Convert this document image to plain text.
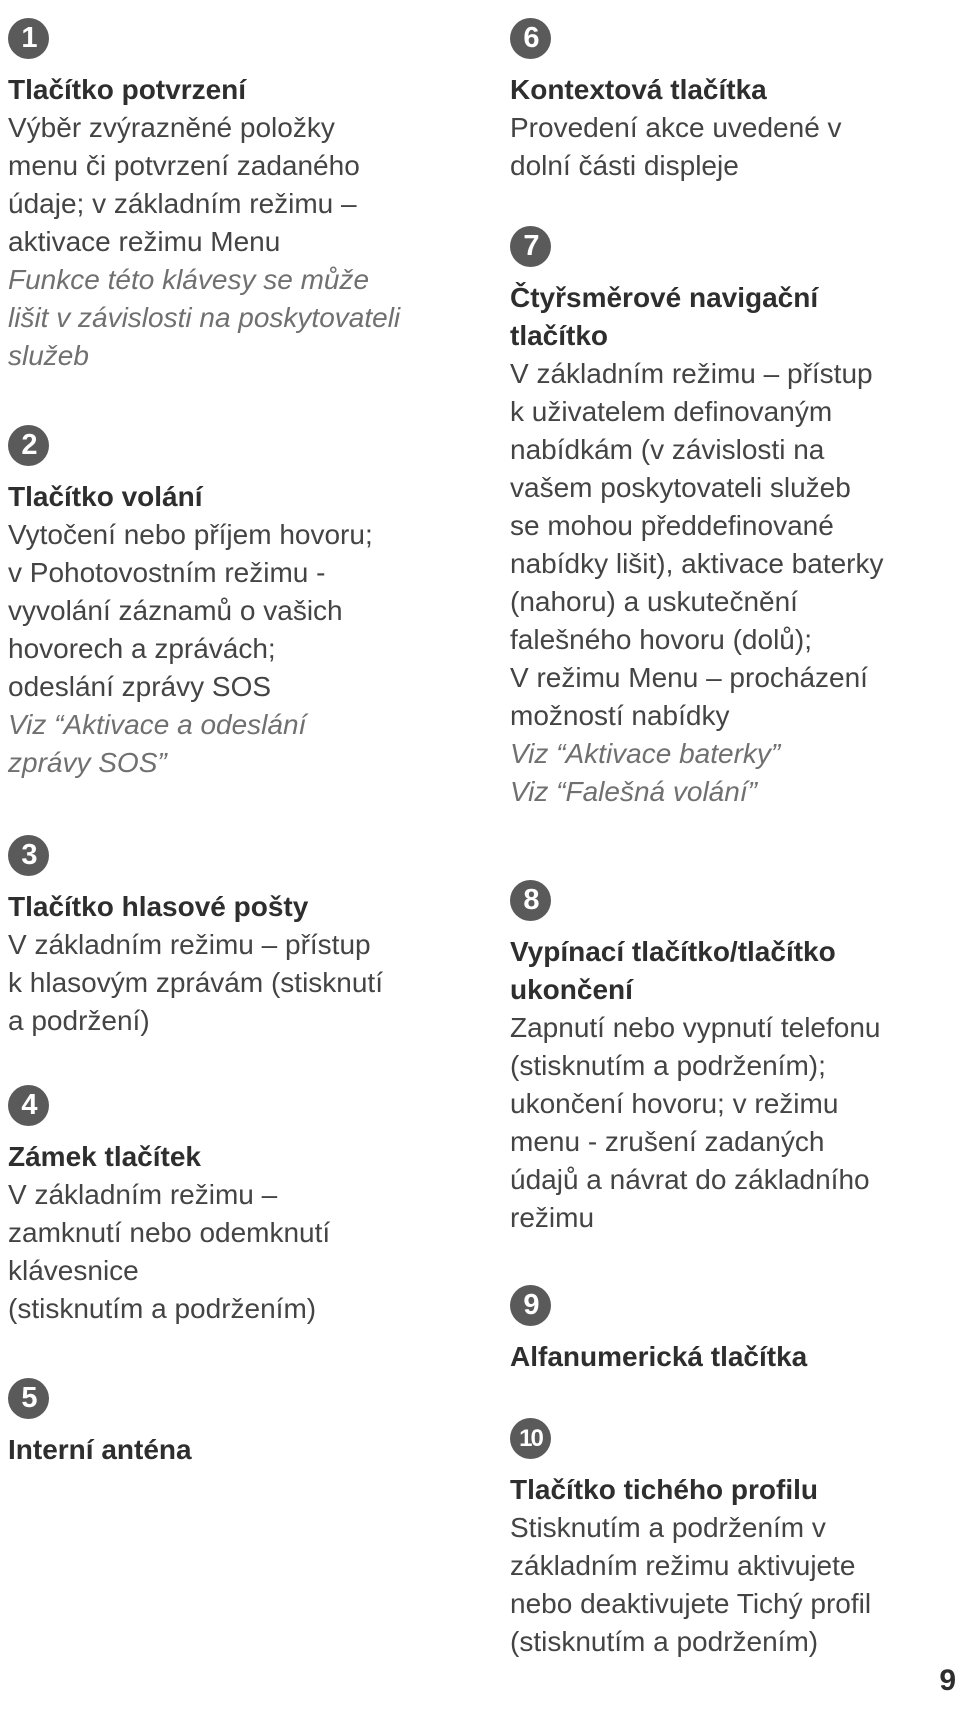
1
Tlačítko potvrzení

Výběr zvýrazněné položky

menu či potvrzení zadaného

údaje; v základním režimu –

aktivace režimu Menu

Funkce této klávesy se může

lišit v závislosti na poskytovateli

služeb

2
Tlačítko volání

Vytočení nebo příjem hovoru;

v Pohotovostním režimu -

vyvolání záznamů o vašich

hovorech a zprávách;

odeslání zprávy SOS

Viz “Aktivace a odeslání

zprávy SOS”

3
Tlačítko hlasové pošty

V základním režimu – přístup

k hlasovým zprávám (stisknutí

a podržení)

4
Zámek tlačítek

V základním režimu –

zamknutí nebo odemknutí

klávesnice

(stisknutím a podržením)

5
Interní anténa
6
Kontextová tlačítka

Provedení akce uvedené v

dolní části displeje

7
Čtyřsměrové navigační tlačítko

V základním režimu – přístup

k uživatelem definovaným

nabídkám (v závislosti na

vašem poskytovateli služeb

se mohou předdefinované

nabídky lišit), aktivace baterky

(nahoru) a uskutečnění

falešného hovoru (dolů);

V režimu Menu – procházení

možností nabídky

Viz “Aktivace baterky”

Viz “Falešná volání”

8
Vypínací tlačítko/tlačítko ukončení

Zapnutí nebo vypnutí telefonu

(stisknutím a podržením);

ukončení hovoru; v režimu

menu - zrušení zadaných

údajů a návrat do základního

režimu

9
Alfanumerická tlačítka
10
Tlačítko tichého profilu

Stisknutím a podržením v

základním režimu aktivujete

nebo deaktivujete Tichý profil

(stisknutím a podržením)

9
